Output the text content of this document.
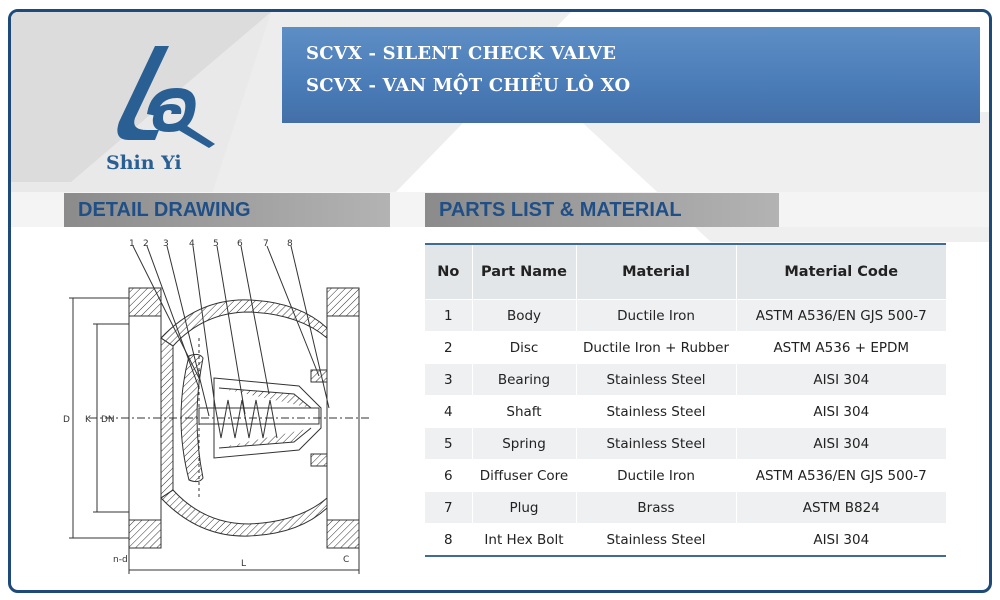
SCVX - SILENT CHECK VALVE
SCVX - VAN MỘT CHIỀU LÒ XO
Shin Yi
DETAIL DRAWING	PARTS LIST & MATERIAL
1 2 3 4 5 6 7 8
D K DN
L	C
n-d
No	Part Name	Material	Material Code
1	Body	Ductile Iron	ASTM A536/EN GJS 500-7
2	Disc	Ductile Iron + Rubber	ASTM A536 + EPDM
3	Bearing	Stainless Steel	AISI 304
4	Shaft	Stainless Steel	AISI 304
5	Spring	Stainless Steel	AISI 304
6	Diffuser Core	Ductile Iron	ASTM A536/EN GJS 500-7
7	Plug	Brass	ASTM B824
8	Int Hex Bolt	Stainless Steel	AISI 304
